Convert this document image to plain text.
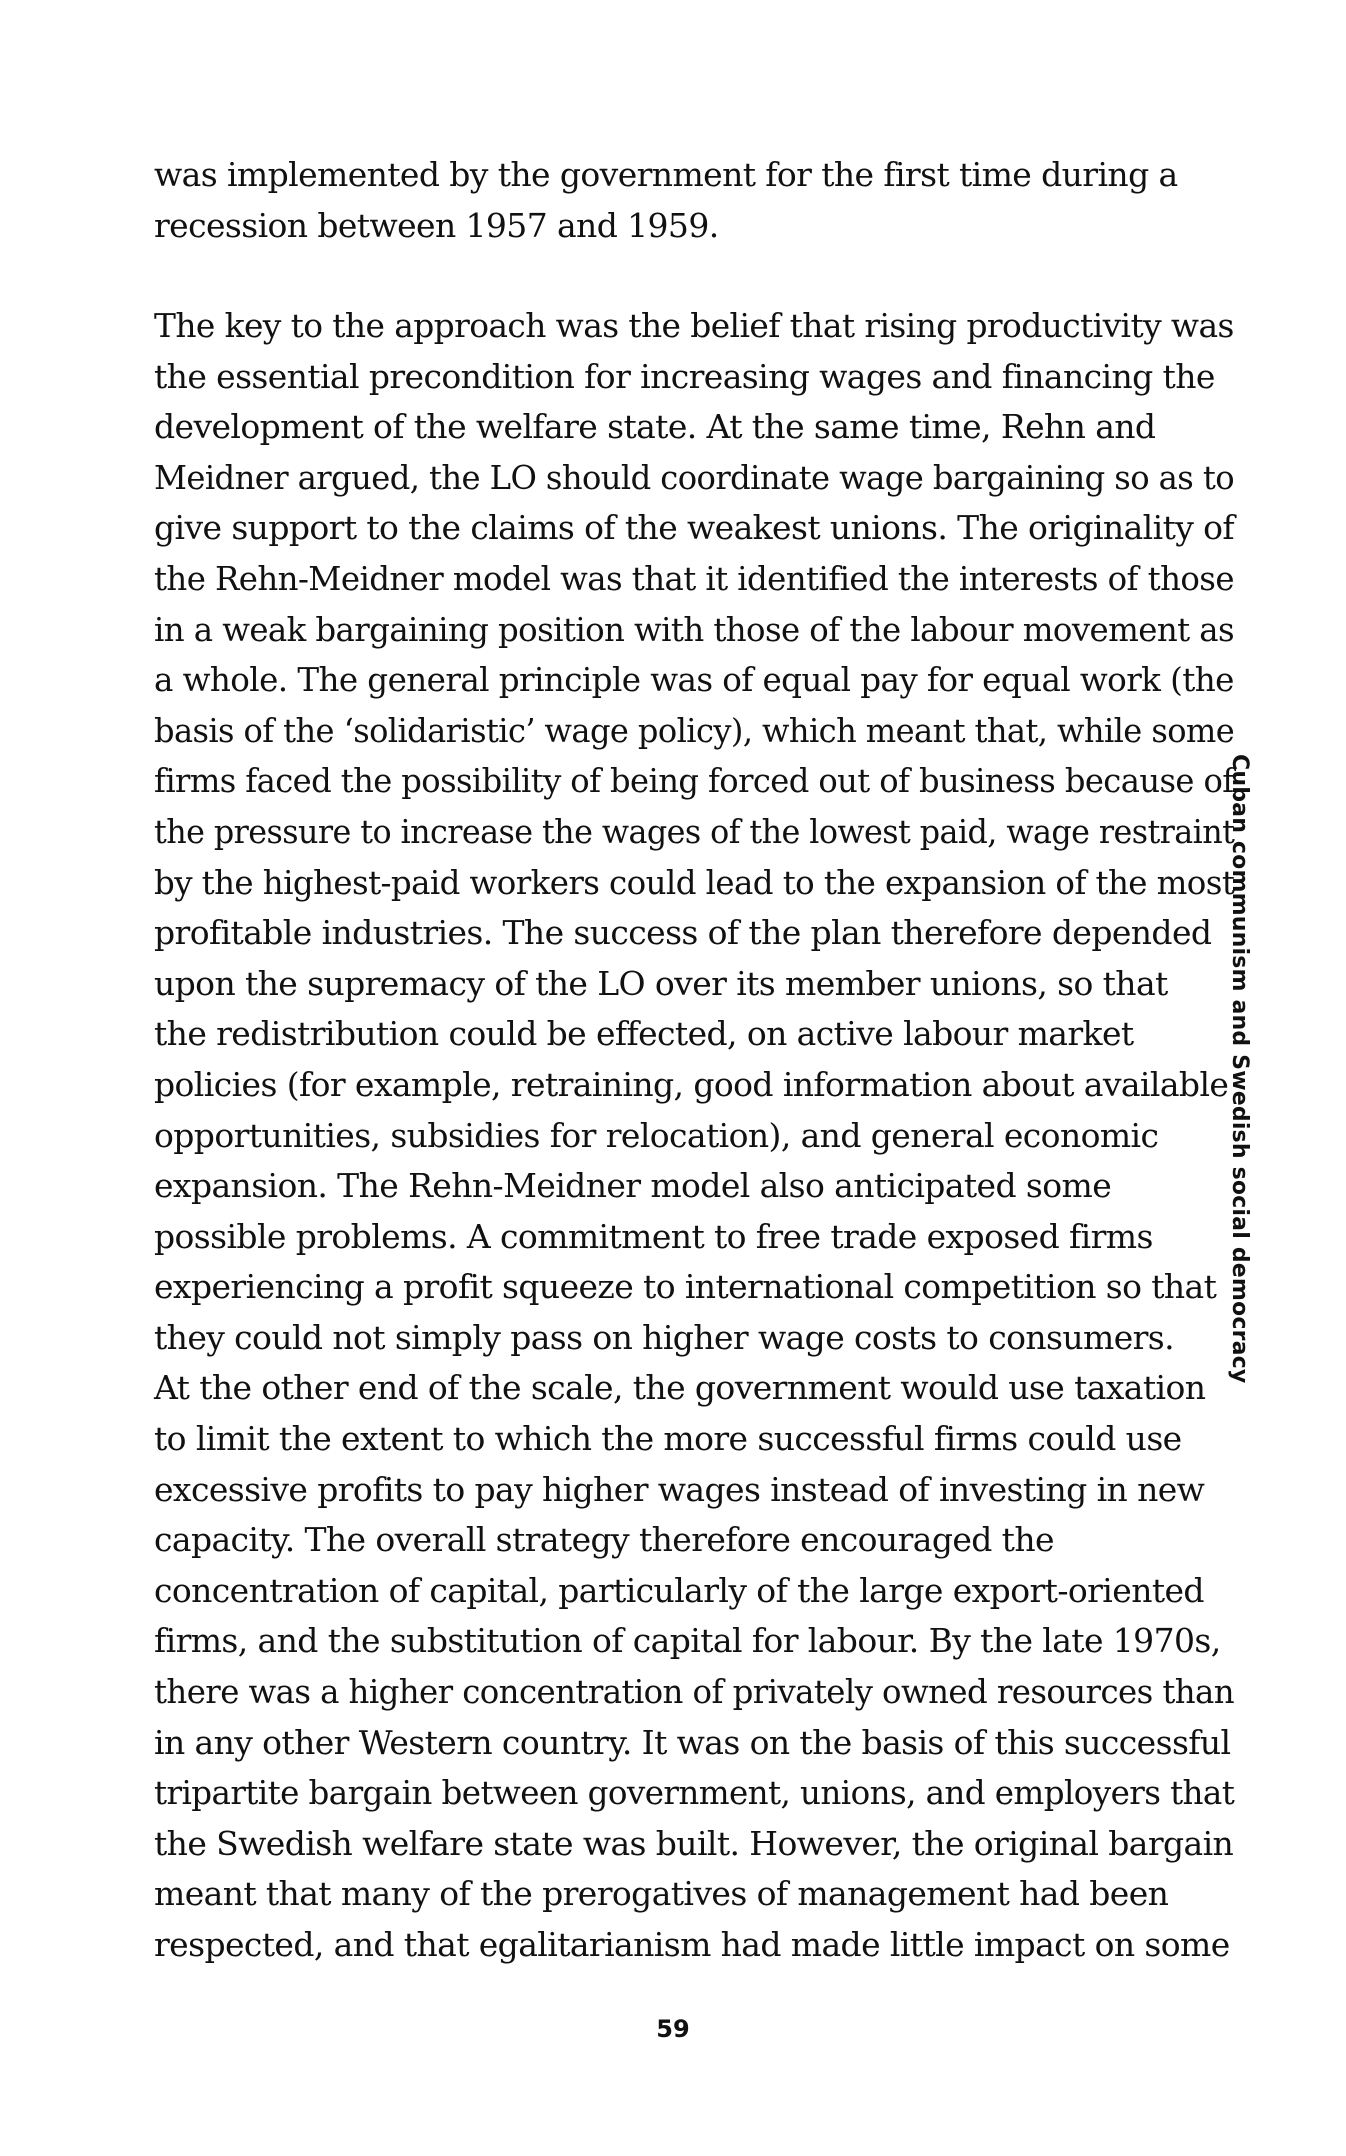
was implemented by the government for the first time during a
recession between 1957 and 1959.
The key to the approach was the belief that rising productivity was
the essential precondition for increasing wages and financing the
development of the welfare state. At the same time, Rehn and
Meidner argued, the LO should coordinate wage bargaining so as to
give support to the claims of the weakest unions. The originality of
the Rehn-Meidner model was that it identified the interests of those
in a weak bargaining position with those of the labour movement as
a whole. The general principle was of equal pay for equal work (the
basis of the ‘solidaristic’ wage policy), which meant that, while some
firms faced the possibility of being forced out of business because of
the pressure to increase the wages of the lowest paid, wage restraint
by the highest-paid workers could lead to the expansion of the most
profitable industries. The success of the plan therefore depended
upon the supremacy of the LO over its member unions, so that
the redistribution could be effected, on active labour market
policies (for example, retraining, good information about available
opportunities, subsidies for relocation), and general economic
expansion. The Rehn-Meidner model also anticipated some
possible problems. A commitment to free trade exposed firms
experiencing a profit squeeze to international competition so that
they could not simply pass on higher wage costs to consumers.
At the other end of the scale, the government would use taxation
to limit the extent to which the more successful firms could use
excessive profits to pay higher wages instead of investing in new
capacity. The overall strategy therefore encouraged the
concentration of capital, particularly of the large export-oriented
firms, and the substitution of capital for labour. By the late 1970s,
there was a higher concentration of privately owned resources than
in any other Western country. It was on the basis of this successful
tripartite bargain between government, unions, and employers that
the Swedish welfare state was built. However, the original bargain
meant that many of the prerogatives of management had been
respected, and that egalitarianism had made little impact on some
Cuban communism and Swedish social democracy
59
